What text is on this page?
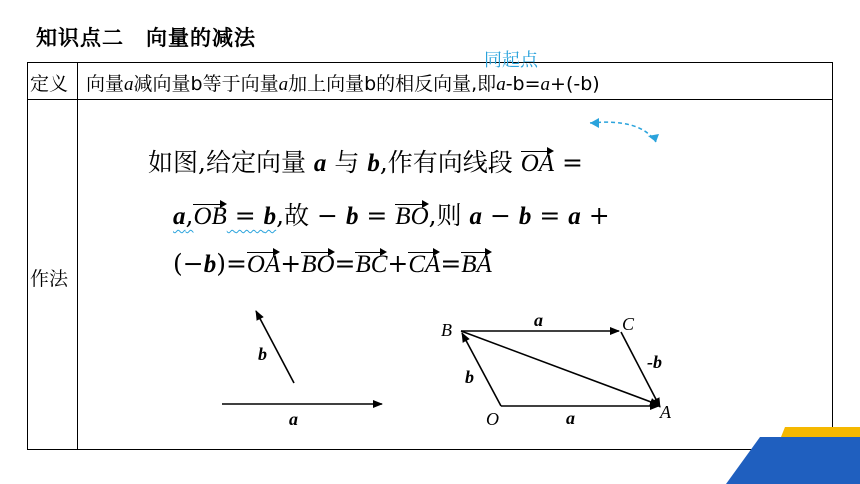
知识点二　向量的减法
定义 向量a减向量b等于向量a加上向量b的相反向量,即a-b=a+(-b)
作法
同起点
如图,给定向量 a 与 b,作有向线段 OA =
a,OB = b,故 − b = BO,则 a − b = a +
(−b)=OA+BO=BC+CA=BA
b
a
B	C
O	A
a
-b
b
a
